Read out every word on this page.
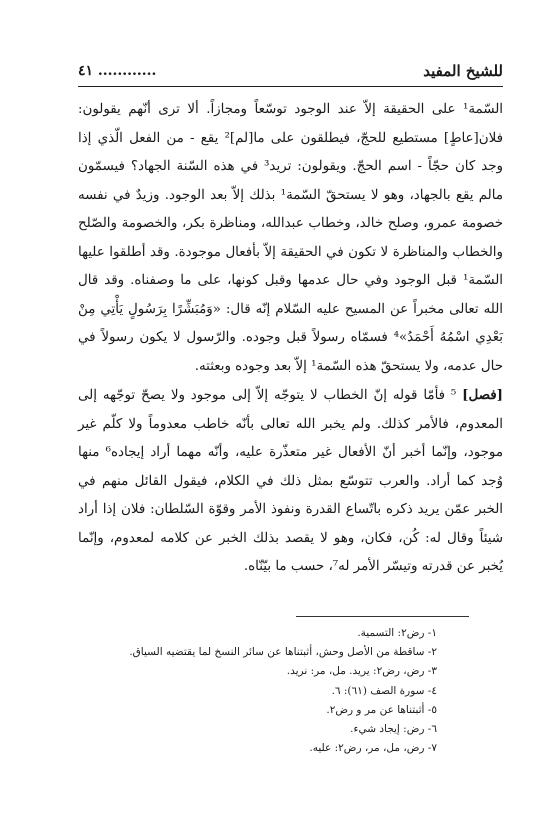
للشيخ المفيد
٤١ ............

السّمة¹ على الحقيقة إلاّ عند الوجود توسّعاً ومجازاً. ألا ترى أنّهم يقولون: فلان[عاطٍ] مستطيع للحجّ، فيطلقون على ما[لم]² يقع - من الفعل الّذي إذا وجد كان حجّاً - اسم الحجّ. ويقولون: تريد³ في هذه السّنة الجهاد؟ فيسمّون مالم يقع بالجهاد، وهو لا يستحقّ السّمة¹ بذلك إلاّ بعد الوجود. وزيدٌ في نفسه خصومة عمرو، وصلح خالد، وخطاب عبدالله، ومناظرة بكر، والخصومة والصّلح والخطاب والمناظرة لا تكون في الحقيقة إلاّ بأفعال موجودة. وقد أطلقوا عليها السّمة¹ قبل الوجود وفي حال عدمها وقبل كونها، على ما وصفناه. وقد قال الله تعالى مخبراً عن المسيح عليه السّلام إنّه قال: «وَمُبَشِّرًا بِرَسُولٍ يَأْتِي مِنْ بَعْدِي اسْمُهُ أَحْمَدُ»⁴ فسمّاه رسولاً قبل وجوده. والرّسول لا يكون رسولاً في حال عدمه، ولا يستحقّ هذه السّمة¹ إلاّ بعد وجوده وبعثته.

[فصل] ⁵ فأمّا قوله إنّ الخطاب لا يتوجّه إلاّ إلى موجود ولا يصحّ توجّهه إلى المعدوم، فالأمر كذلك. ولم يخبر الله تعالى بأنّه خاطب معدوماً ولا كلّم غير موجود، وإنّما أخبر أنّ الأفعال غير متعذّرة عليه، وأنّه مهما أراد إيجاده⁶ منها وُجد كما أراد. والعرب تتوسّع بمثل ذلك في الكلام، فيقول القائل منهم في الخبر عمّن يريد ذكره باتّساع القدرة ونفوذ الأمر وقوّة السّلطان: فلان إذا أراد شيئاً وقال له: كُن، فكان، وهو لا يقصد بذلك الخبر عن كلامه لمعدوم، وإنّما يُخبر عن قدرته وتيسّر الأمر له⁷، حسب ما بيّنّاه.

١- رض٢: التسمية.
٢- ساقطة من الأصل وحش، أثبتناها عن سائر النسخ لما يقتضيه السياق.
٣- رض، رض٢: يريد. مل، مر: نريد.
٤- سورة الصف (٦١): ٦.
٥- أثبتناها عن مر و رض٢.
٦- رض: إيجاد شيء.
٧- رض، مل، مر، رض٢: عليه.
